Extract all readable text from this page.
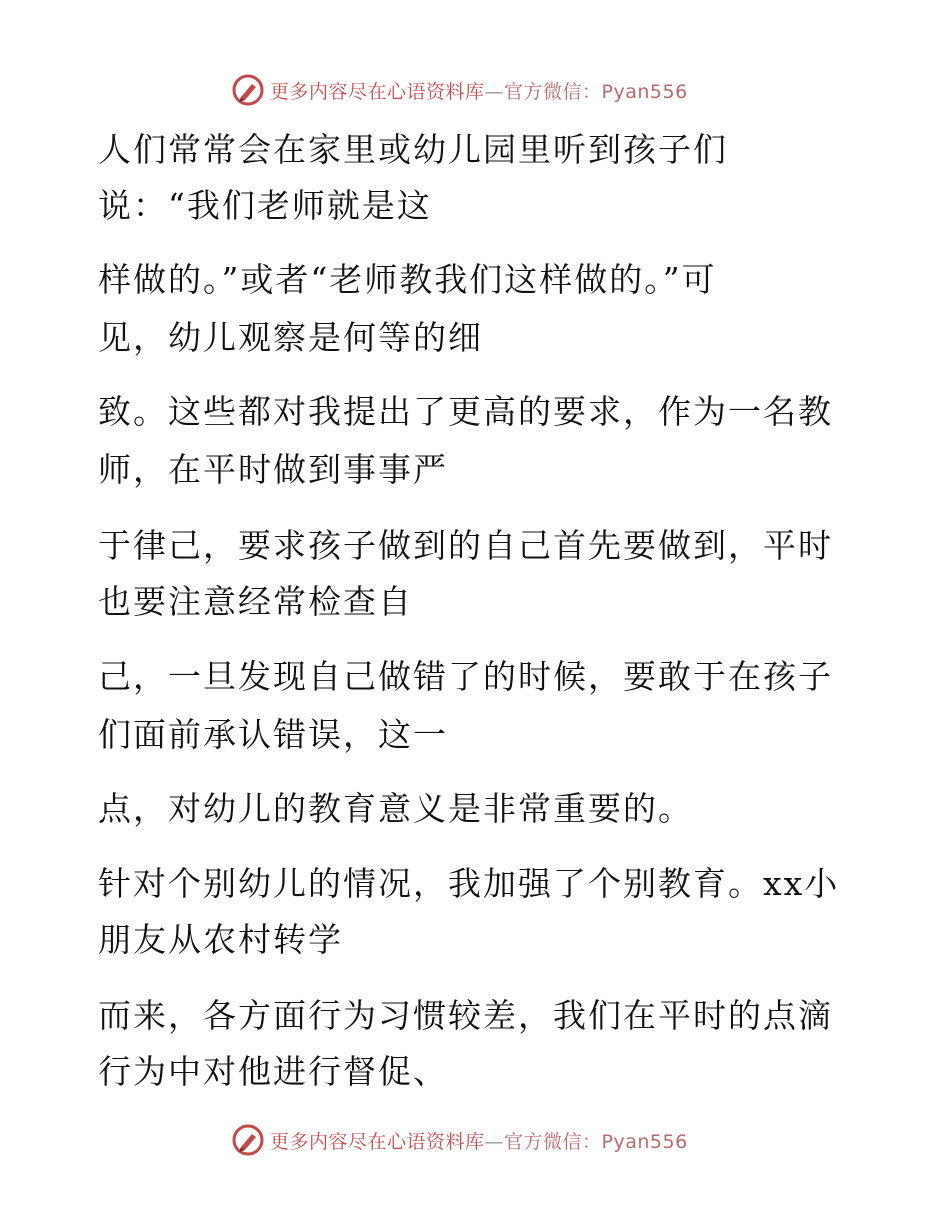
更多内容尽在心语资料库—官方微信：Pyan556
人们常常会在家里或幼儿园里听到孩子们
说：“我们老师就是这
样做的。”或者“老师教我们这样做的。”可
见，幼儿观察是何等的细
致。这些都对我提出了更高的要求，作为一名教
师，在平时做到事事严
于律己，要求孩子做到的自己首先要做到，平时
也要注意经常检查自
己，一旦发现自己做错了的时候，要敢于在孩子
们面前承认错误，这一
点，对幼儿的教育意义是非常重要的。
针对个别幼儿的情况，我加强了个别教育。xx小
朋友从农村转学
而来，各方面行为习惯较差，我们在平时的点滴
行为中对他进行督促、
更多内容尽在心语资料库—官方微信：Pyan556
